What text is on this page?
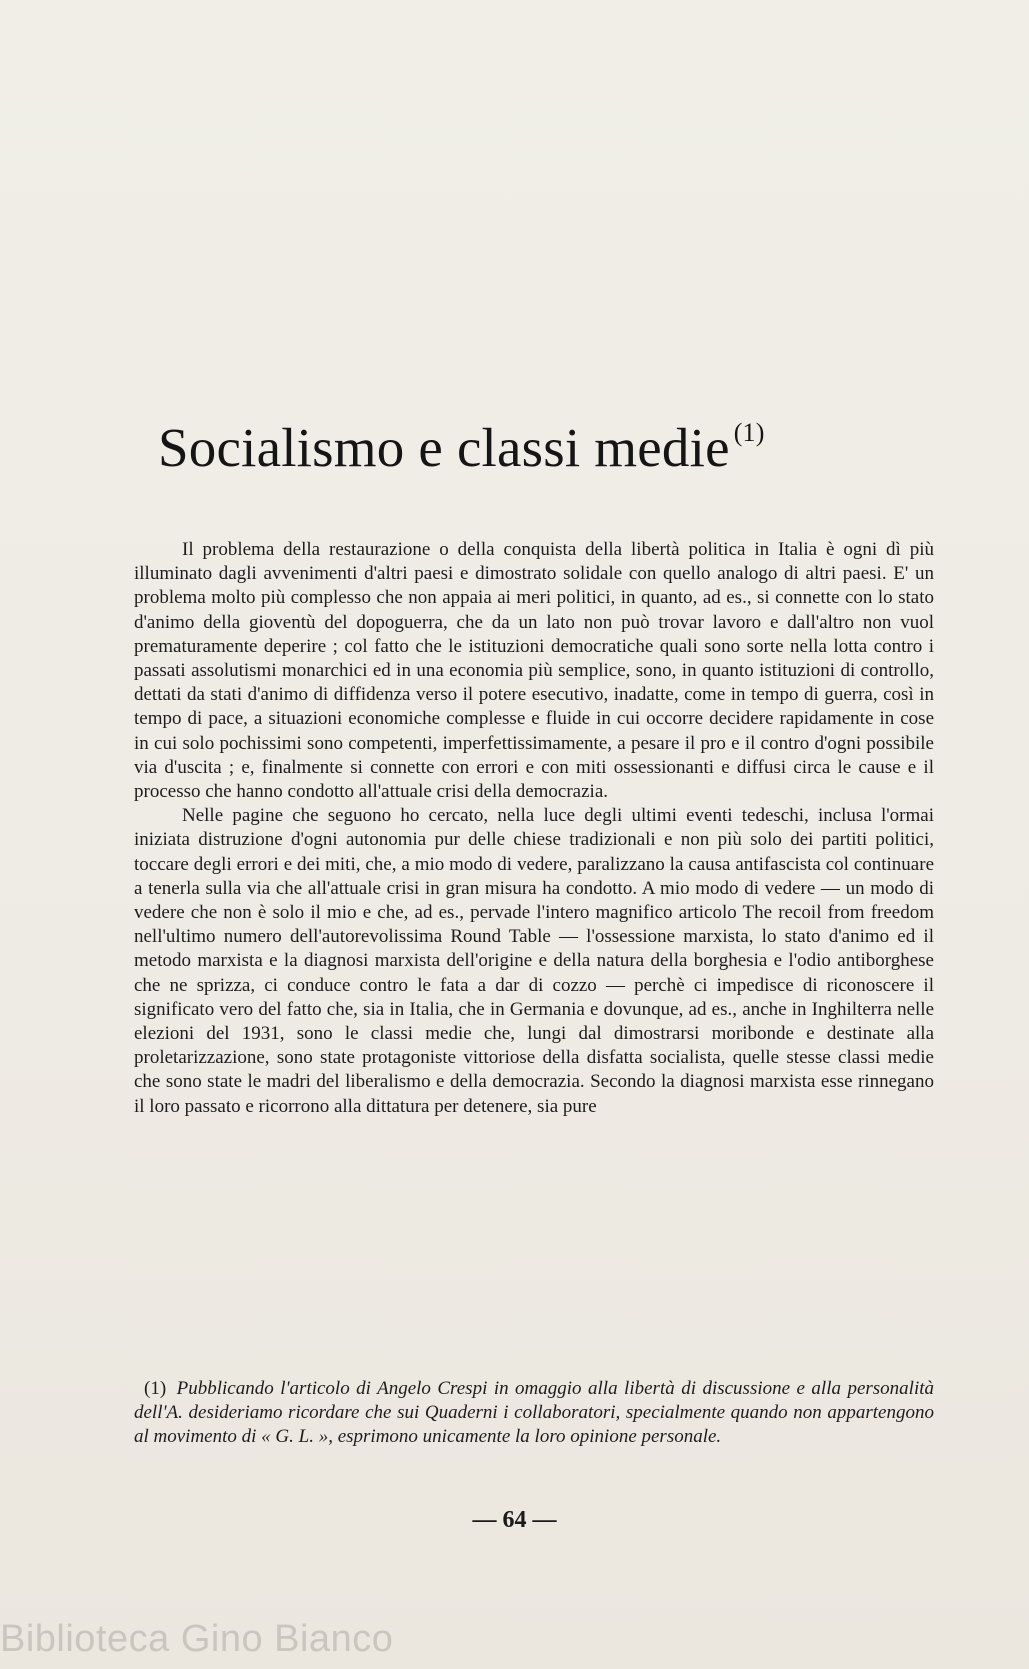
Socialismo e classi medie $^{(1)}$

Il problema della restaurazione o della conquista della libertà politica in Italia è ogni dì più illuminato dagli avvenimenti d'altri paesi e dimostrato solidale con quello analogo di altri paesi. E' un problema molto più complesso che non appaia ai meri politici, in quanto, ad es., si connette con lo stato d'animo della gioventù del dopoguerra, che da un lato non può trovar lavoro e dall'altro non vuol prematuramente deperire ; col fatto che le istituzioni democratiche quali sono sorte nella lotta contro i passati assolutismi monarchici ed in una economia più semplice, sono, in quanto istituzioni di controllo, dettati da stati d'animo di diffidenza verso il potere esecutivo, inadatte, come in tempo di guerra, così in tempo di pace, a situazioni economiche complesse e fluide in cui occorre decidere rapidamente in cose in cui solo pochissimi sono competenti, imperfettissimamente, a pesare il pro e il contro d'ogni possibile via d'uscita ; e, finalmente si connette con errori e con miti ossessionanti e diffusi circa le cause e il processo che hanno condotto all'attuale crisi della democrazia.

Nelle pagine che seguono ho cercato, nella luce degli ultimi eventi tedeschi, inclusa l'ormai iniziata distruzione d'ogni autonomia pur delle chiese tradizionali e non più solo dei partiti politici, toccare degli errori e dei miti, che, a mio modo di vedere, paralizzano la causa antifascista col continuare a tenerla sulla via che all'attuale crisi in gran misura ha condotto. A mio modo di vedere — un modo di vedere che non è solo il mio e che, ad es., pervade l'intero magnifico articolo The recoil from freedom nell'ultimo numero dell'autorevolissima Round Table — l'ossessione marxista, lo stato d'animo ed il metodo marxista e la diagnosi marxista dell'origine e della natura della borghesia e l'odio antiborghese che ne sprizza, ci conduce contro le fata a dar di cozzo — perchè ci impedisce di riconoscere il significato vero del fatto che, sia in Italia, che in Germania e dovunque, ad es., anche in Inghilterra nelle elezioni del 1931, sono le classi medie che, lungi dal dimostrarsi moribonde e destinate alla proletarizzazione, sono state protagoniste vittoriose della disfatta socialista, quelle stesse classi medie che sono state le madri del liberalismo e della democrazia. Secondo la diagnosi marxista esse rinnegano il loro passato e ricorrono alla dittatura per detenere, sia pure

(1) Pubblicando l'articolo di Angelo Crespi in omaggio alla libertà di discussione e alla personalità dell'A. desideriamo ricordare che sui Quaderni i collaboratori, specialmente quando non appartengono al movimento di « G. L. », esprimono unicamente la loro opinione personale.
— 64 —
Biblioteca Gino Bianco
